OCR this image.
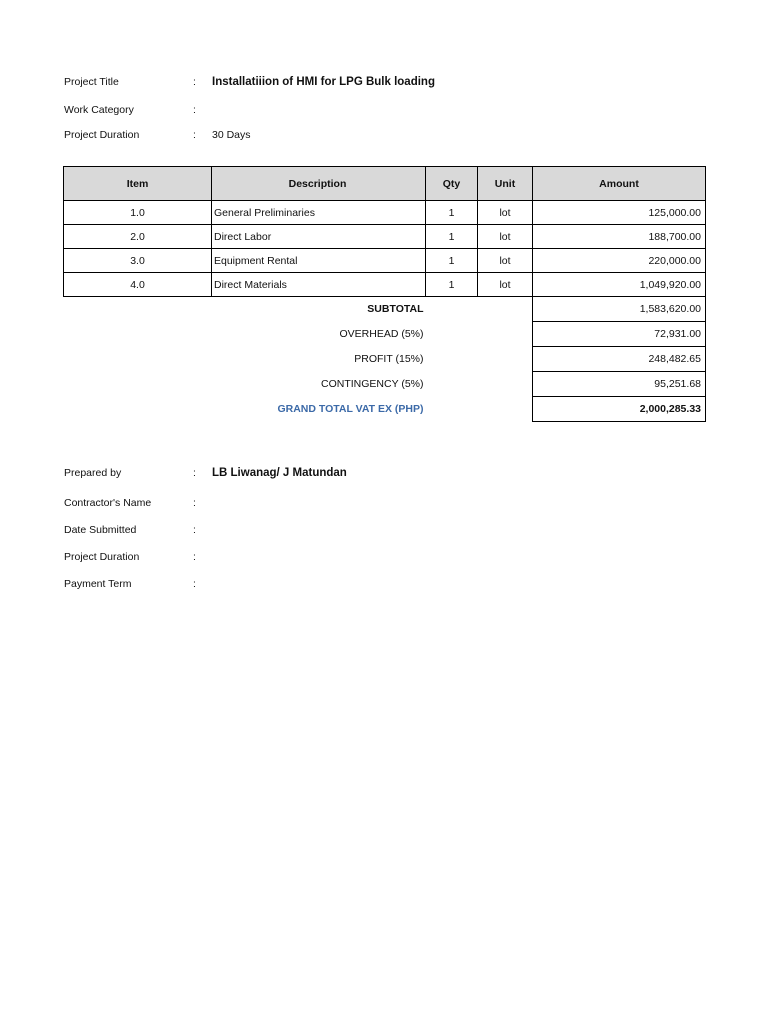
Project Title	: Installatiiion of HMI for LPG Bulk loading
Work Category	:
Project Duration	: 30 Days
Item	Description	Qty	Unit	Amount
1.0	General Preliminaries	1	lot	125,000.00
2.0	Direct Labor	1	lot	188,700.00
3.0	Equipment Rental	1	lot	220,000.00
4.0	Direct Materials	1	lot	1,049,920.00
SUBTOTAL				1,583,620.00
OVERHEAD (5%)				72,931.00
PROFIT (15%)				248,482.65
CONTINGENCY (5%)				95,251.68
GRAND TOTAL VAT EX (PHP)				2,000,285.33
Prepared by	: LB Liwanag/ J Matundan
Contractor's Name	:
Date Submitted	:
Project Duration	:
Payment Term	:
